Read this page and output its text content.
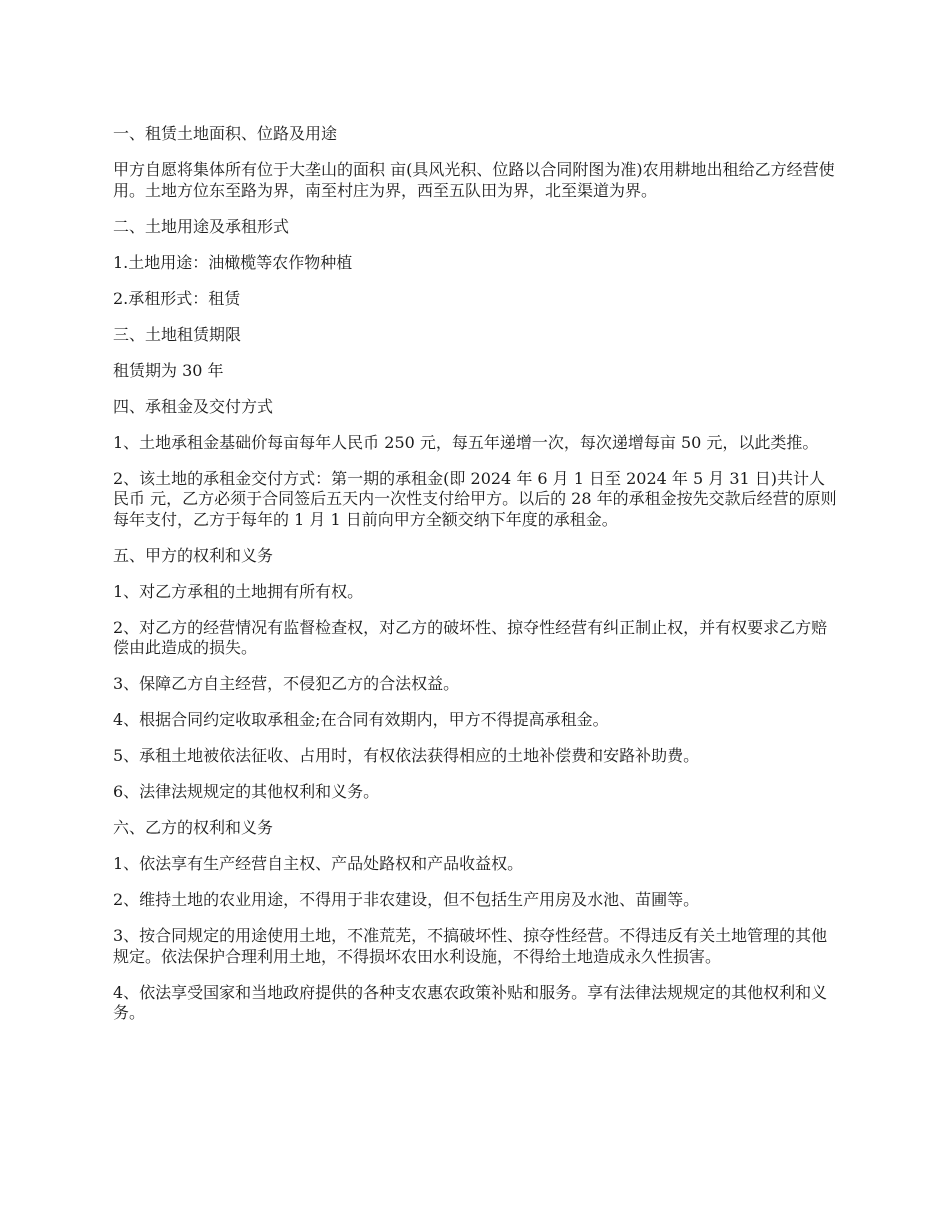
一、租赁土地面积、位路及用途

甲方自愿将集体所有位于大垄山的面积 亩(具风光积、位路以合同附图为准)农用耕地出租给乙方经营使用。土地方位东至路为界，南至村庄为界，西至五队田为界，北至渠道为界。

二、土地用途及承租形式

1.土地用途：油橄榄等农作物种植

2.承租形式：租赁

三、土地租赁期限

租赁期为 30 年

四、承租金及交付方式

1、土地承租金基础价每亩每年人民币 250 元，每五年递增一次，每次递增每亩 50 元，以此类推。

2、该土地的承租金交付方式：第一期的承租金(即 2024 年 6 月 1 日至 2024 年 5 月 31 日)共计人民币 元，乙方必须于合同签后五天内一次性支付给甲方。以后的 28 年的承租金按先交款后经营的原则每年支付，乙方于每年的 1 月 1 日前向甲方全额交纳下年度的承租金。

五、甲方的权利和义务

1、对乙方承租的土地拥有所有权。

2、对乙方的经营情况有监督检查权，对乙方的破坏性、掠夺性经营有纠正制止权，并有权要求乙方赔偿由此造成的损失。

3、保障乙方自主经营，不侵犯乙方的合法权益。

4、根据合同约定收取承租金;在合同有效期内，甲方不得提高承租金。

5、承租土地被依法征收、占用时，有权依法获得相应的土地补偿费和安路补助费。

6、法律法规规定的其他权利和义务。

六、乙方的权利和义务

1、依法享有生产经营自主权、产品处路权和产品收益权。

2、维持土地的农业用途，不得用于非农建设，但不包括生产用房及水池、苗圃等。

3、按合同规定的用途使用土地，不准荒芜，不搞破坏性、掠夺性经营。不得违反有关土地管理的其他规定。依法保护合理利用土地，不得损坏农田水利设施，不得给土地造成永久性损害。

4、依法享受国家和当地政府提供的各种支农惠农政策补贴和服务。享有法律法规规定的其他权利和义务。
